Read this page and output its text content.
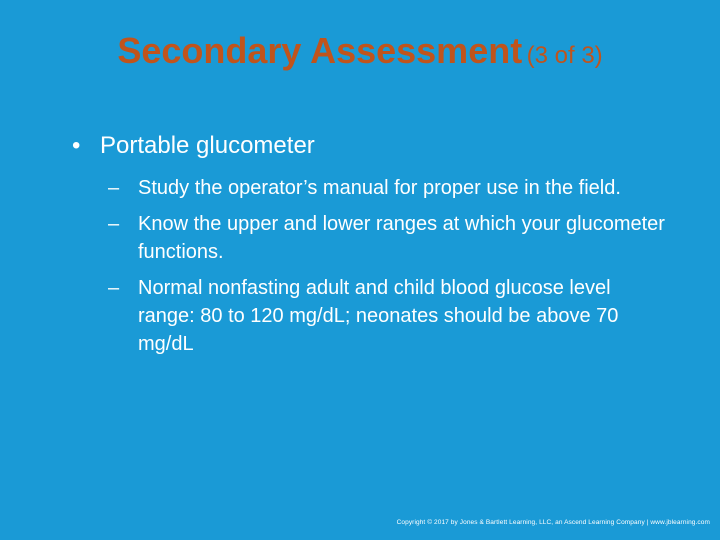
Secondary Assessment (3 of 3)
• Portable glucometer
– Study the operator’s manual for proper use in the field.
– Know the upper and lower ranges at which your glucometer functions.
– Normal nonfasting adult and child blood glucose level range: 80 to 120 mg/dL; neonates should be above 70 mg/dL
Copyright © 2017 by Jones & Bartlett Learning, LLC, an Ascend Learning Company | www.jblearning.com
